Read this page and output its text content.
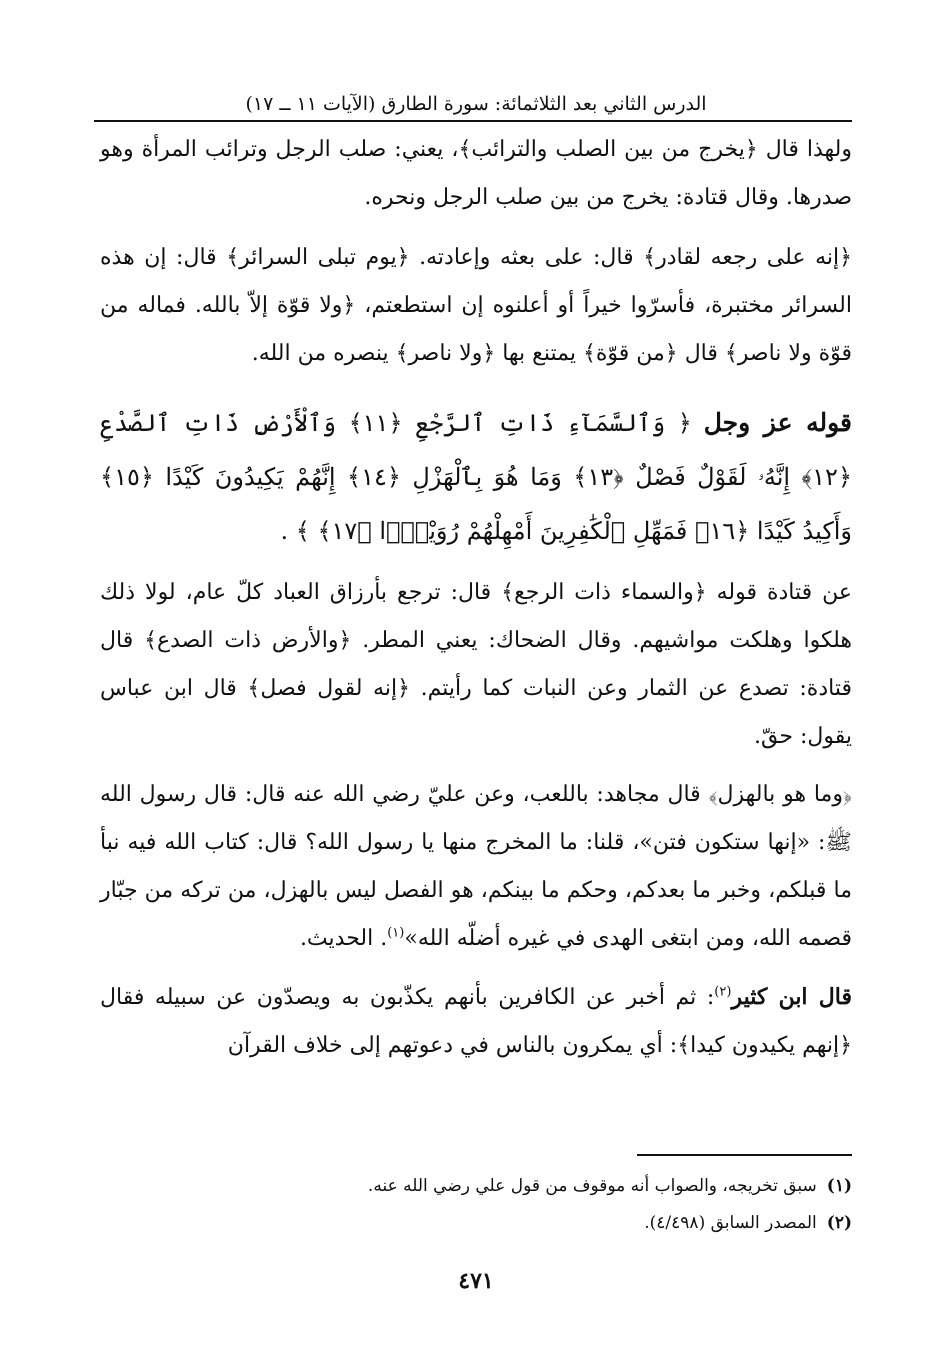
الدرس الثاني بعد الثلاثمائة: سورة الطارق (الآيات ١١ ــ ١٧)

ولهذا قال ﴿يخرج من بين الصلب والترائب﴾، يعني: صلب الرجل وترائب المرأة وهو صدرها. وقال قتادة: يخرج من بين صلب الرجل ونحره.

﴿إنه على رجعه لقادر﴾ قال: على بعثه وإعادته. ﴿يوم تبلى السرائر﴾ قال: إن هذه السرائر مختبرة، فأسرّوا خيراً أو أعلنوه إن استطعتم، ﴿ولا قوّة إلاّ بالله. فماله من قوّة ولا ناصر﴾ قال ﴿من قوّة﴾ يمتنع بها ﴿ولا ناصر﴾ ينصره من الله.

قوله عز وجل ﴿ وَٱلسَّمَآءِ ذَاتِ ٱلرَّجْعِ ﴿١١﴾ وَٱلْأَرْضِ ذَاتِ ٱلصَّدْعِ ﴿١٢﴾ إِنَّهُۥ لَقَوْلٌ فَصْلٌ ﴿١٣﴾ وَمَا هُوَ بِٱلْهَزْلِ ﴿١٤﴾ إِنَّهُمْ يَكِيدُونَ كَيْدًا ﴿١٥﴾ وَأَكِيدُ كَيْدًا ﴿١٦﴾ فَمَهِّلِ ٱلْكَٰفِرِينَ أَمْهِلْهُمْ رُوَيْدًۢا ﴿١٧﴾ ﴾ .

عن قتادة قوله ﴿والسماء ذات الرجع﴾ قال: ترجع بأرزاق العباد كلّ عام، لولا ذلك هلكوا وهلكت مواشيهم. وقال الضحاك: يعني المطر. ﴿والأرض ذات الصدع﴾ قال قتادة: تصدع عن الثمار وعن النبات كما رأيتم. ﴿إنه لقول فصل﴾ قال ابن عباس يقول: حقّ.

﴿وما هو بالهزل﴾ قال مجاهد: باللعب، وعن عليّ رضي الله عنه قال: قال رسول الله ﷺ: «إنها ستكون فتن»، قلنا: ما المخرج منها يا رسول الله؟ قال: كتاب الله فيه نبأ ما قبلكم، وخبر ما بعدكم، وحكم ما بينكم، هو الفصل ليس بالهزل، من تركه من جبّار قصمه الله، ومن ابتغى الهدى في غيره أضلّه الله»$^{(١)}$. الحديث.

قال ابن كثير$^{(٢)}$: ثم أخبر عن الكافرين بأنهم يكذّبون به ويصدّون عن سبيله فقال ﴿إنهم يكيدون كيدا﴾: أي يمكرون بالناس في دعوتهم إلى خلاف القرآن

(١)سبق تخريجه، والصواب أنه موقوف من قول علي رضي الله عنه.
(٢)المصدر السابق (٤/٤٩٨).
٤٧١
